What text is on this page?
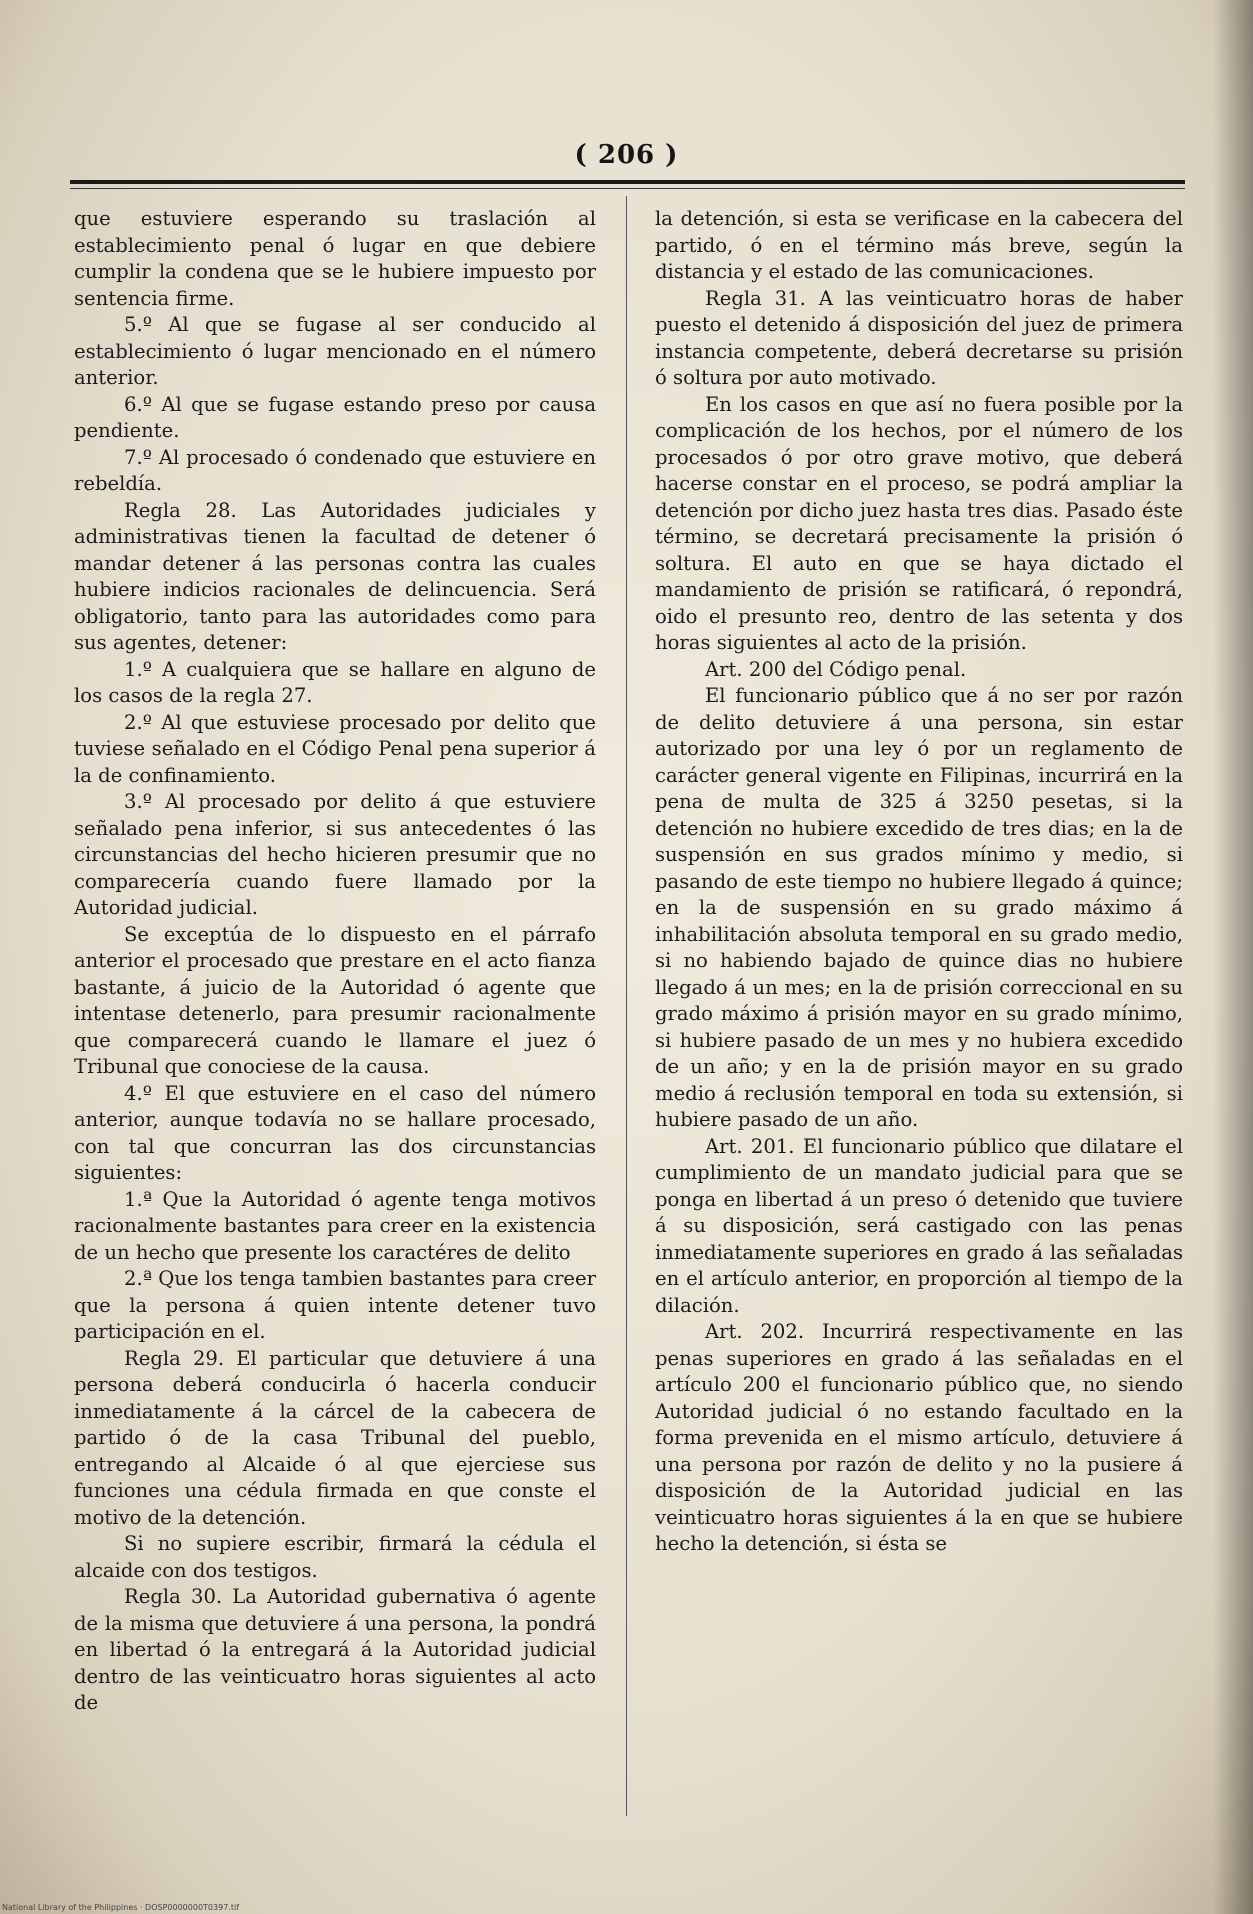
( 206 )

que estuviere esperando su traslación al establecimiento penal ó lugar en que debiere cumplir la condena que se le hubiere impuesto por sentencia firme.

5.º Al que se fugase al ser conducido al establecimiento ó lugar mencionado en el número anterior.

6.º Al que se fugase estando preso por causa pendiente.

7.º Al procesado ó condenado que estuviere en rebeldía.

Regla 28. Las Autoridades judiciales y administrativas tienen la facultad de detener ó mandar detener á las personas contra las cuales hubiere indicios racionales de delincuencia. Será obligatorio, tanto para las autoridades como para sus agentes, detener:

1.º A cualquiera que se hallare en alguno de los casos de la regla 27.

2.º Al que estuviese procesado por delito que tuviese señalado en el Código Penal pena superior á la de confinamiento.

3.º Al procesado por delito á que estuviere señalado pena inferior, si sus antecedentes ó las circunstancias del hecho hicieren presumir que no comparecería cuando fuere llamado por la Autoridad judicial.

Se exceptúa de lo dispuesto en el párrafo anterior el procesado que prestare en el acto fianza bastante, á juicio de la Autoridad ó agente que intentase detenerlo, para presumir racionalmente que comparecerá cuando le llamare el juez ó Tribunal que conociese de la causa.

4.º El que estuviere en el caso del número anterior, aunque todavía no se hallare procesado, con tal que concurran las dos circunstancias siguientes:

1.ª Que la Autoridad ó agente tenga motivos racionalmente bastantes para creer en la existencia de un hecho que presente los caractéres de delito

2.ª Que los tenga tambien bastantes para creer que la persona á quien intente detener tuvo participación en el.

Regla 29. El particular que detuviere á una persona deberá conducirla ó hacerla conducir inmediatamente á la cárcel de la cabecera de partido ó de la casa Tribunal del pueblo, entregando al Alcaide ó al que ejerciese sus funciones una cédula firmada en que conste el motivo de la detención.

Si no supiere escribir, firmará la cédula el alcaide con dos testigos.

Regla 30. La Autoridad gubernativa ó agente de la misma que detuviere á una persona, la pondrá en libertad ó la entregará á la Autoridad judicial dentro de las veinticuatro horas siguientes al acto de

la detención, si esta se verificase en la cabecera del partido, ó en el término más breve, según la distancia y el estado de las comunicaciones.

Regla 31. A las veinticuatro horas de haber puesto el detenido á disposición del juez de primera instancia competente, deberá decretarse su prisión ó soltura por auto motivado.

En los casos en que así no fuera posible por la complicación de los hechos, por el número de los procesados ó por otro grave motivo, que deberá hacerse constar en el proceso, se podrá ampliar la detención por dicho juez hasta tres dias. Pasado éste término, se decretará precisamente la prisión ó soltura. El auto en que se haya dictado el mandamiento de prisión se ratificará, ó repondrá, oido el presunto reo, dentro de las setenta y dos horas siguientes al acto de la prisión.

Art. 200 del Código penal.

El funcionario público que á no ser por razón de delito detuviere á una persona, sin estar autorizado por una ley ó por un reglamento de carácter general vigente en Filipinas, incurrirá en la pena de multa de 325 á 3250 pesetas, si la detención no hubiere excedido de tres dias; en la de suspensión en sus grados mínimo y medio, si pasando de este tiempo no hubiere llegado á quince; en la de suspensión en su grado máximo á inhabilitación absoluta temporal en su grado medio, si no habiendo bajado de quince dias no hubiere llegado á un mes; en la de prisión correccional en su grado máximo á prisión mayor en su grado mínimo, si hubiere pasado de un mes y no hubiera excedido de un año; y en la de prisión mayor en su grado medio á reclusión temporal en toda su extensión, si hubiere pasado de un año.

Art. 201. El funcionario público que dilatare el cumplimiento de un mandato judicial para que se ponga en libertad á un preso ó detenido que tuviere á su disposición, será castigado con las penas inmediatamente superiores en grado á las señaladas en el artículo anterior, en proporción al tiempo de la dilación.

Art. 202. Incurrirá respectivamente en las penas superiores en grado á las señaladas en el artículo 200 el funcionario público que, no siendo Autoridad judicial ó no estando facultado en la forma prevenida en el mismo artículo, detuviere á una persona por razón de delito y no la pusiere á disposición de la Autoridad judicial en las veinticuatro horas siguientes á la en que se hubiere hecho la detención, si ésta se

National Library of the Philippines · DOSP0000000T0397.tif
